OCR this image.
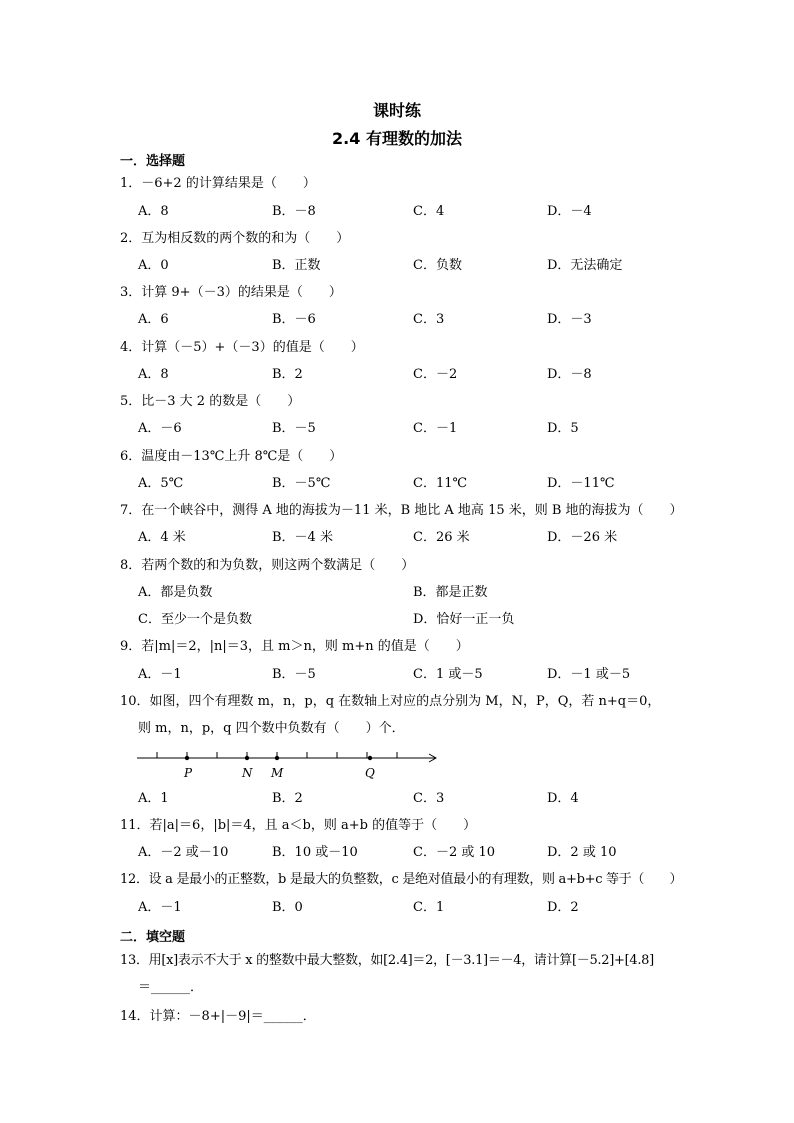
课时练
2.4 有理数的加法
一．选择题
1．－6+2 的计算结果是（　　）
A．8	B．－8	C．4	D．－4
2．互为相反数的两个数的和为（　　）
A．0	B．正数	C．负数	D．无法确定
3．计算 9+（－3）的结果是（　　）
A．6	B．－6	C．3	D．－3
4．计算（－5）+（－3）的值是（　　）
A．8	B．2	C．－2	D．－8
5．比－3 大 2 的数是（　　）
A．－6	B．－5	C．－1	D．5
6．温度由－13℃上升 8℃是（　　）
A．5℃	B．－5℃	C．11℃	D．－11℃
7．在一个峡谷中，测得 A 地的海拔为－11 米，B 地比 A 地高 15 米，则 B 地的海拔为（　　）
A．4 米	B．－4 米	C．26 米	D．－26 米
8．若两个数的和为负数，则这两个数满足（　　）
A．都是负数	B．都是正数
C．至少一个是负数	D．恰好一正一负
9．若|m|＝2，|n|＝3，且 m＞n，则 m+n 的值是（　　）
A．－1	B．－5	C．1 或－5	D．－1 或－5
10．如图，四个有理数 m，n，p，q 在数轴上对应的点分别为 M，N，P，Q，若 n+q＝0，
则 m，n，p，q 四个数中负数有（　　）个．
P	N M	Q
A．1	B．2	C．3	D．4
11．若|a|＝6，|b|＝4，且 a＜b，则 a+b 的值等于（　　）
A．－2 或－10	B．10 或－10	C．－2 或 10	D．2 或 10
12．设 a 是最小的正整数，b 是最大的负整数，c 是绝对值最小的有理数，则 a+b+c 等于（　　）
A．－1	B．0	C．1	D．2
二．填空题
13．用[x]表示不大于 x 的整数中最大整数，如[2.4]＝2，[－3.1]＝－4，请计算[－5.2]+[4.8]
＝______．
14．计算：－8+|－9|＝______．
